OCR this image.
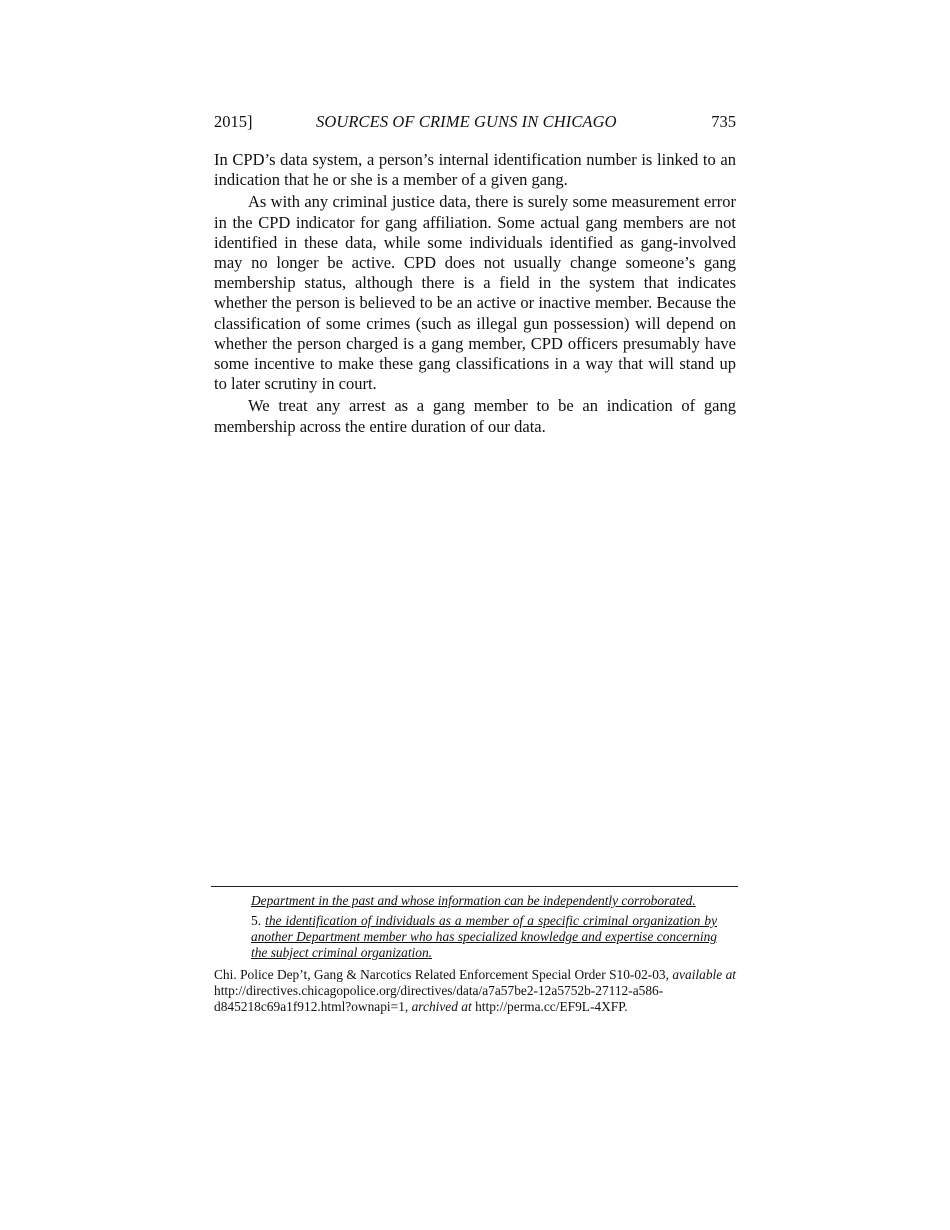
2015]	SOURCES OF CRIME GUNS IN CHICAGO	735

In CPD’s data system, a person’s internal identification number is linked to an indication that he or she is a member of a given gang.

As with any criminal justice data, there is surely some measurement error in the CPD indicator for gang affiliation. Some actual gang members are not identified in these data, while some individuals identified as gang-involved may no longer be active. CPD does not usually change someone’s gang membership status, although there is a field in the system that indicates whether the person is believed to be an active or inactive member. Because the classification of some crimes (such as illegal gun possession) will depend on whether the person charged is a gang member, CPD officers presumably have some incentive to make these gang classifications in a way that will stand up to later scrutiny in court.

We treat any arrest as a gang member to be an indication of gang membership across the entire duration of our data.

Department in the past and whose information can be independently corroborated.

5. the identification of individuals as a member of a specific criminal organization by another Department member who has specialized knowledge and expertise concerning the subject criminal organization.

Chi. Police Dep’t, Gang & Narcotics Related Enforcement Special Order S10-02-03, available at http://directives.chicagopolice.org/directives/data/a7a57be2-12a5752b-27112-a586-d845218c69a1f912.html?ownapi=1, archived at http://perma.cc/EF9L-4XFP.
